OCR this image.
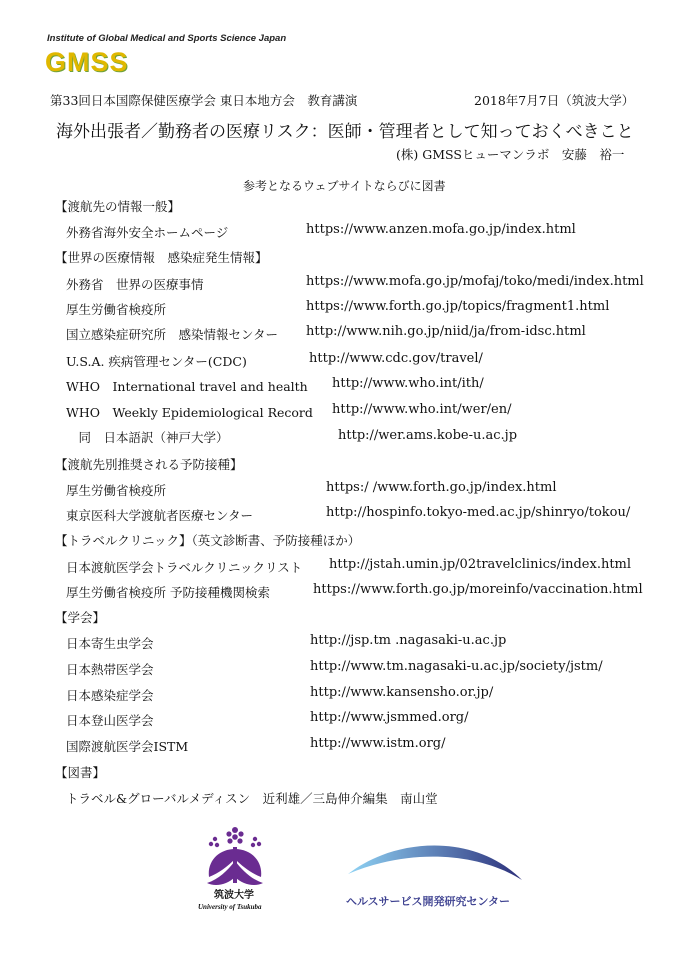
Institute of Global Medical and Sports Science Japan
GMSS
第33回日本国際保健医療学会 東日本地方会　教育講演	2018年7月7日（筑波大学）
海外出張者／勤務者の医療リスク：医師・管理者として知っておくべきこと
(株) GMSSヒューマンラボ　安藤　裕一
参考となるウェブサイトならびに図書
【渡航先の情報一般】
外務省海外安全ホームページ	https://www.anzen.mofa.go.jp/index.html
【世界の医療情報　感染症発生情報】
外務省　世界の医療事情	https://www.mofa.go.jp/mofaj/toko/medi/index.html
厚生労働省検疫所	https://www.forth.go.jp/topics/fragment1.html
国立感染症研究所　感染情報センター http://www.nih.go.jp/niid/ja/from-idsc.html
U.S.A. 疾病管理センター(CDC)	http://www.cdc.gov/travel/
WHO　International travel and health http://www.who.int/ith/
WHO　Weekly Epidemiological Record http://www.who.int/wer/en/
　同　日本語訳（神戸大学）	http://wer.ams.kobe-u.ac.jp
【渡航先別推奨される予防接種】
厚生労働省検疫所	https:/ /www.forth.go.jp/index.html
東京医科大学渡航者医療センター	http://hospinfo.tokyo-med.ac.jp/shinryo/tokou/
【トラベルクリニック】（英文診断書、予防接種ほか）
日本渡航医学会トラベルクリニックリスト http://jstah.umin.jp/02travelclinics/index.html
厚生労働省検疫所 予防接種機関検索	https://www.forth.go.jp/moreinfo/vaccination.html
【学会】
日本寄生虫学会	http://jsp.tm .nagasaki-u.ac.jp
日本熱帯医学会	http://www.tm.nagasaki-u.ac.jp/society/jstm/
日本感染症学会	http://www.kansensho.or.jp/
日本登山医学会	http://www.jsmmed.org/
国際渡航医学会ISTM	http://www.istm.org/
【図書】
トラベル&グローバルメディスン　近利雄／三島伸介編集　南山堂
筑波大学
University of Tsukuba	ヘルスサービス開発研究センター
